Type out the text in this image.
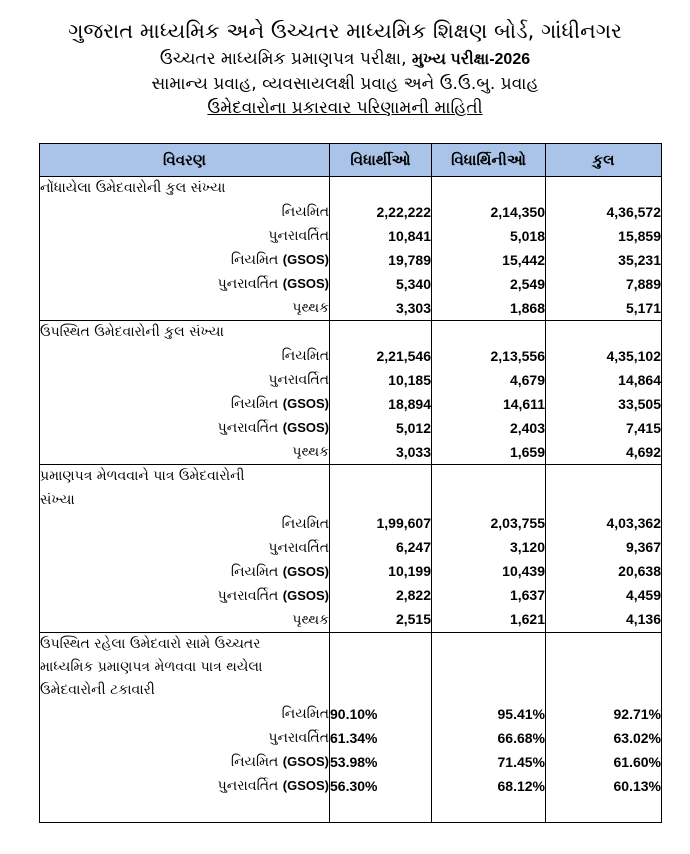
ગુજરાત માધ્યમિક અને ઉચ્ચતર માધ્યમિક શિક્ષણ બોર્ડ, ગાંધીનગર
ઉચ્ચતર માધ્યમિક પ્રમાણપત્ર પરીક્ષા, મુખ્ય પરીક્ષા-2026
સામાન્ય પ્રવાહ, વ્યવસાયલક્ષી પ્રવાહ અને ઉ.ઉ.બુ. પ્રવાહ
ઉમેદવારોના પ્રકારવાર પરિણામની માહિતી
વિવરણ	વિધાર્થીઓ	વિધાર્થિનીઓ	કુલ
નોંધાયેલા ઉમેદવારોની કુલ સંખ્યા			
નિયમિત	2,22,222	2,14,350	4,36,572
પુનરાવર્તિત	10,841	5,018	15,859
નિયમિત (GSOS)	19,789	15,442	35,231
પુનરાવર્તિત (GSOS)	5,340	2,549	7,889
પૃથ્થક	3,303	1,868	5,171
ઉપસ્થિત ઉમેદવારોની કુલ સંખ્યા			
નિયમિત	2,21,546	2,13,556	4,35,102
પુનરાવર્તિત	10,185	4,679	14,864
નિયમિત (GSOS)	18,894	14,611	33,505
પુનરાવર્તિત (GSOS)	5,012	2,403	7,415
પૃથ્થક	3,033	1,659	4,692
પ્રમાણપત્ર મેળવવાને પાત્ર ઉમેદવારોની			
સંખ્યા			
નિયમિત	1,99,607	2,03,755	4,03,362
પુનરાવર્તિત	6,247	3,120	9,367
નિયમિત (GSOS)	10,199	10,439	20,638
પુનરાવર્તિત (GSOS)	2,822	1,637	4,459
પૃથ્થક	2,515	1,621	4,136
ઉપસ્થિત રહેલા ઉમેદવારો સામે ઉચ્ચતર			
માધ્યમિક પ્રમાણપત્ર મેળવવા પાત્ર થયેલા			
ઉમેદવારોની ટકાવારી			
નિયમિત	90.10%	95.41%	92.71%
પુનરાવર્તિત	61.34%	66.68%	63.02%
નિયમિત (GSOS)	53.98%	71.45%	61.60%
પુનરાવર્તિત (GSOS)	56.30%	68.12%	60.13%
